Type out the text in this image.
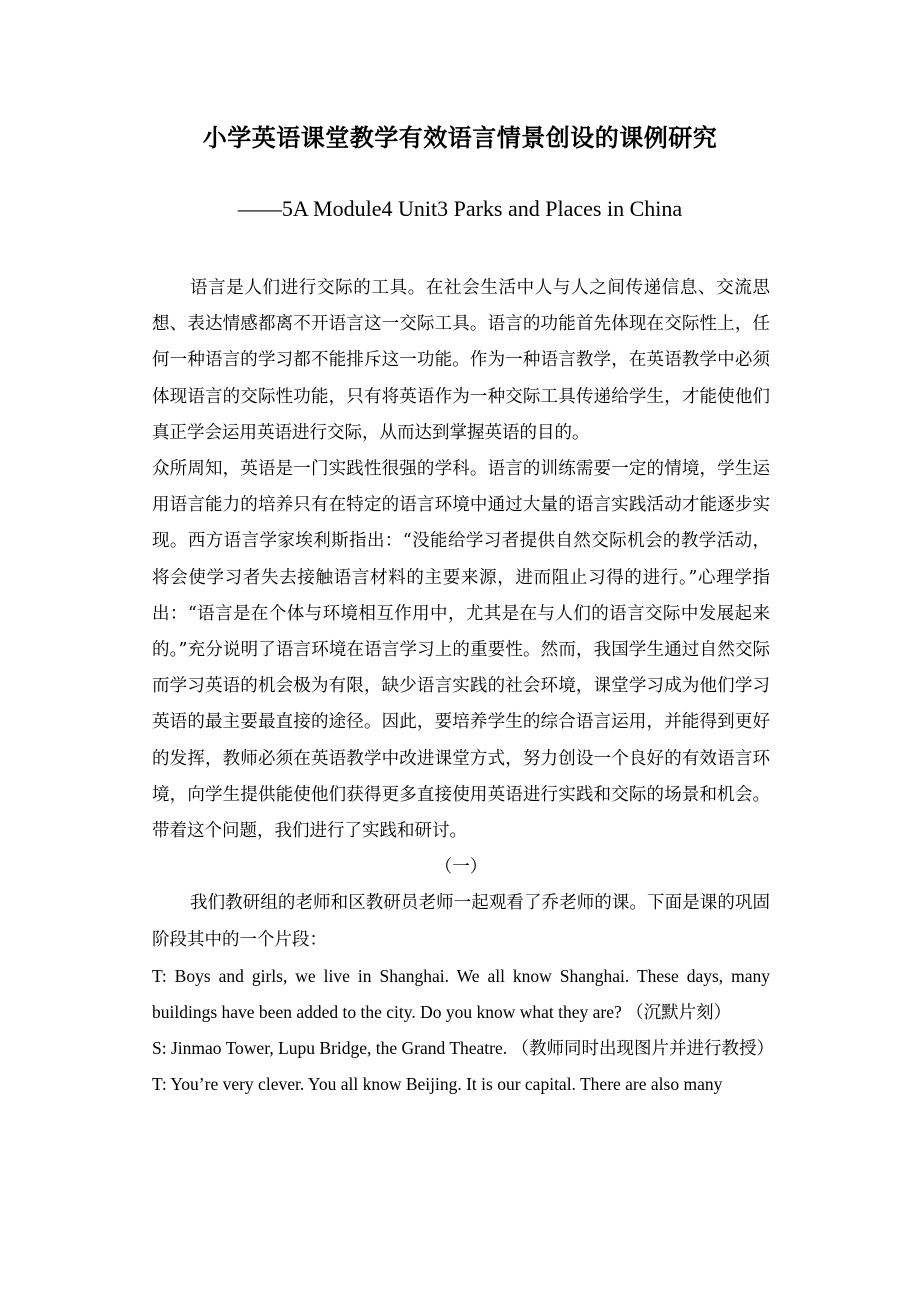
小学英语课堂教学有效语言情景创设的课例研究
——5A Module4 Unit3 Parks and Places in China

语言是人们进行交际的工具。在社会生活中人与人之间传递信息、交流思想、表达情感都离不开语言这一交际工具。语言的功能首先体现在交际性上，任何一种语言的学习都不能排斥这一功能。作为一种语言教学，在英语教学中必须体现语言的交际性功能，只有将英语作为一种交际工具传递给学生，才能使他们真正学会运用英语进行交际，从而达到掌握英语的目的。

众所周知，英语是一门实践性很强的学科。语言的训练需要一定的情境，学生运用语言能力的培养只有在特定的语言环境中通过大量的语言实践活动才能逐步实现。西方语言学家埃利斯指出：“没能给学习者提供自然交际机会的教学活动，将会使学习者失去接触语言材料的主要来源，进而阻止习得的进行。”心理学指出：“语言是在个体与环境相互作用中，尤其是在与人们的语言交际中发展起来的。”充分说明了语言环境在语言学习上的重要性。然而，我国学生通过自然交际而学习英语的机会极为有限，缺少语言实践的社会环境，课堂学习成为他们学习英语的最主要最直接的途径。因此，要培养学生的综合语言运用，并能得到更好的发挥，教师必须在英语教学中改进课堂方式，努力创设一个良好的有效语言环境，向学生提供能使他们获得更多直接使用英语进行实践和交际的场景和机会。带着这个问题，我们进行了实践和研讨。

（一）

我们教研组的老师和区教研员老师一起观看了乔老师的课。下面是课的巩固阶段其中的一个片段：

T: Boys and girls, we live in Shanghai. We all know Shanghai. These days, many buildings have been added to the city. Do you know what they are? （沉默片刻）

S: Jinmao Tower, Lupu Bridge, the Grand Theatre. （教师同时出现图片并进行教授）

T: You’re very clever. You all know Beijing. It is our capital. There are also many
